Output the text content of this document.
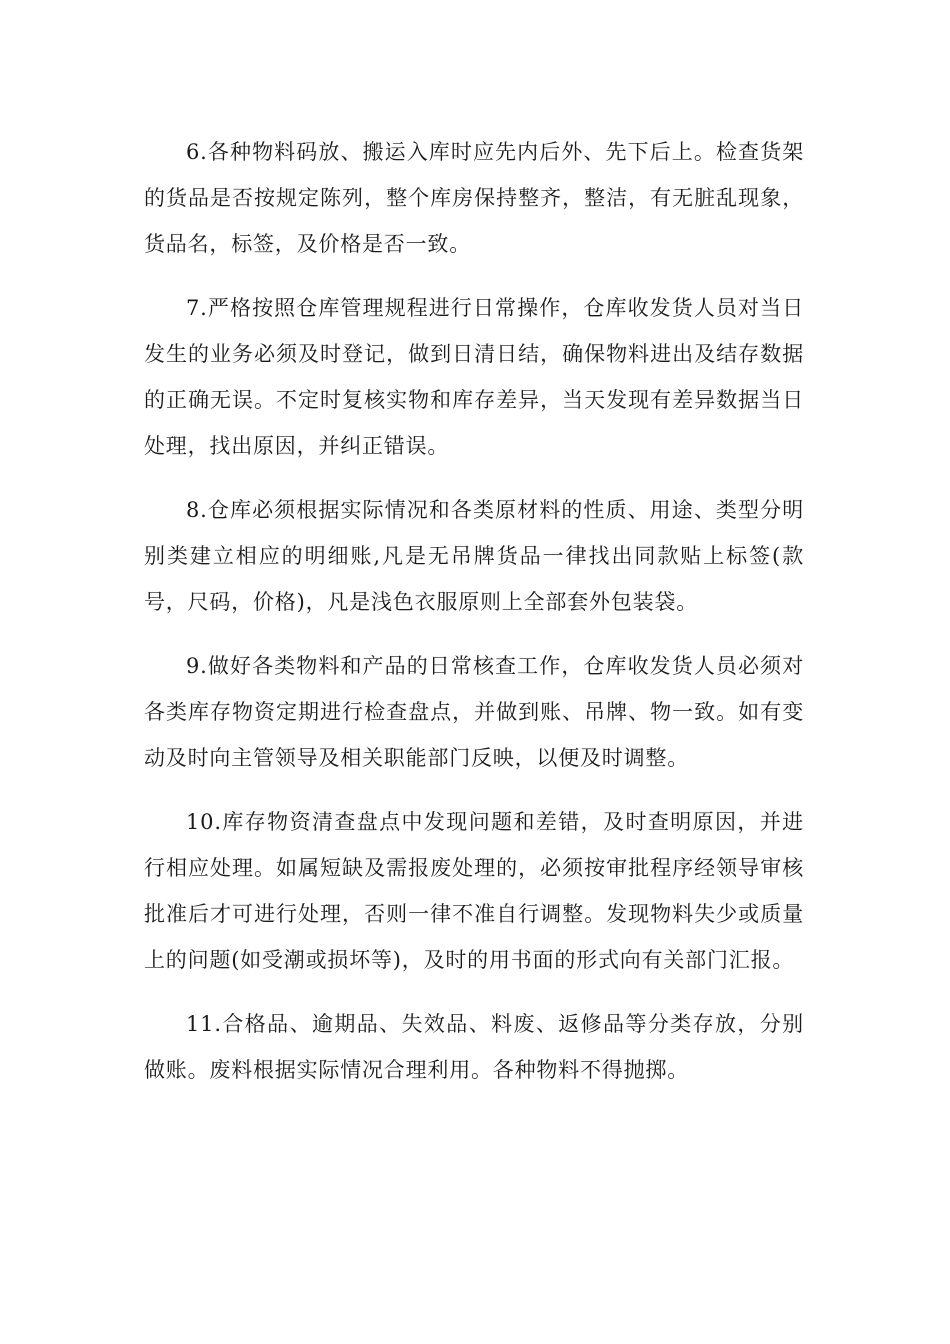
6.各种物料码放、搬运入库时应先内后外、先下后上。检查货架的货品是否按规定陈列，整个库房保持整齐，整洁，有无脏乱现象，货品名，标签，及价格是否一致。

7.严格按照仓库管理规程进行日常操作，仓库收发货人员对当日发生的业务必须及时登记，做到日清日结，确保物料进出及结存数据的正确无误。不定时复核实物和库存差异，当天发现有差异数据当日处理，找出原因，并纠正错误。

8.仓库必须根据实际情况和各类原材料的性质、用途、类型分明别类建立相应的明细账,凡是无吊牌货品一律找出同款贴上标签(款号，尺码，价格)，凡是浅色衣服原则上全部套外包装袋。

9.做好各类物料和产品的日常核查工作，仓库收发货人员必须对各类库存物资定期进行检查盘点，并做到账、吊牌、物一致。如有变动及时向主管领导及相关职能部门反映，以便及时调整。

10.库存物资清查盘点中发现问题和差错，及时查明原因，并进行相应处理。如属短缺及需报废处理的，必须按审批程序经领导审核批准后才可进行处理，否则一律不准自行调整。发现物料失少或质量上的问题(如受潮或损坏等)，及时的用书面的形式向有关部门汇报。

11.合格品、逾期品、失效品、料废、返修品等分类存放，分别做账。废料根据实际情况合理利用。各种物料不得抛掷。
